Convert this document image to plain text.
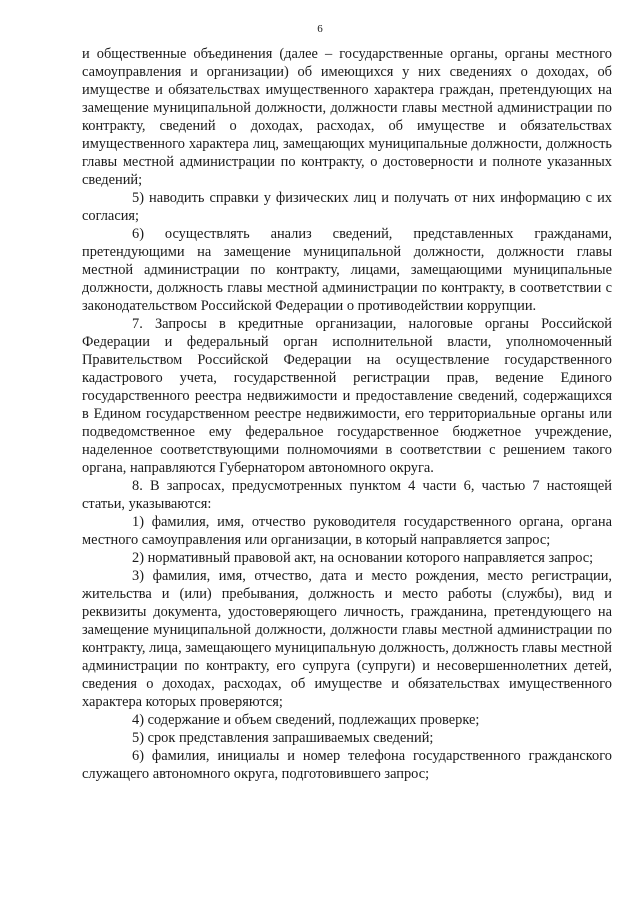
6

и общественные объединения (далее – государственные органы, органы местного самоуправления и организации) об имеющихся у них сведениях о доходах, об имуществе и обязательствах имущественного характера граждан, претендующих на замещение муниципальной должности, должности главы местной администрации по контракту, сведений о доходах, расходах, об имуществе и обязательствах имущественного характера лиц, замещающих муниципальные должности, должность главы местной администрации по контракту, о достоверности и полноте указанных сведений;

5) наводить справки у физических лиц и получать от них информацию с их согласия;

6) осуществлять анализ сведений, представленных гражданами, претендующими на замещение муниципальной должности, должности главы местной администрации по контракту, лицами, замещающими муниципальные должности, должность главы местной администрации по контракту, в соответствии с законодательством Российской Федерации о противодействии коррупции.

7. Запросы в кредитные организации, налоговые органы Российской Федерации и федеральный орган исполнительной власти, уполномоченный Правительством Российской Федерации на осуществление государственного кадастрового учета, государственной регистрации прав, ведение Единого государственного реестра недвижимости и предоставление сведений, содержащихся в Едином государственном реестре недвижимости, его территориальные органы или подведомственное ему федеральное государственное бюджетное учреждение, наделенное соответствующими полномочиями в соответствии с решением такого органа, направляются Губернатором автономного округа.

8. В запросах, предусмотренных пунктом 4 части 6, частью 7 настоящей статьи, указываются:

1) фамилия, имя, отчество руководителя государственного органа, органа местного самоуправления или организации, в который направляется запрос;

2) нормативный правовой акт, на основании которого направляется запрос;

3) фамилия, имя, отчество, дата и место рождения, место регистрации, жительства и (или) пребывания, должность и место работы (службы), вид и реквизиты документа, удостоверяющего личность, гражданина, претендующего на замещение муниципальной должности, должности главы местной администрации по контракту, лица, замещающего муниципальную должность, должность главы местной администрации по контракту, его супруга (супруги) и несовершеннолетних детей, сведения о доходах, расходах, об имуществе и обязательствах имущественного характера которых проверяются;

4) содержание и объем сведений, подлежащих проверке;

5) срок представления запрашиваемых сведений;

6) фамилия, инициалы и номер телефона государственного гражданского служащего автономного округа, подготовившего запрос;
